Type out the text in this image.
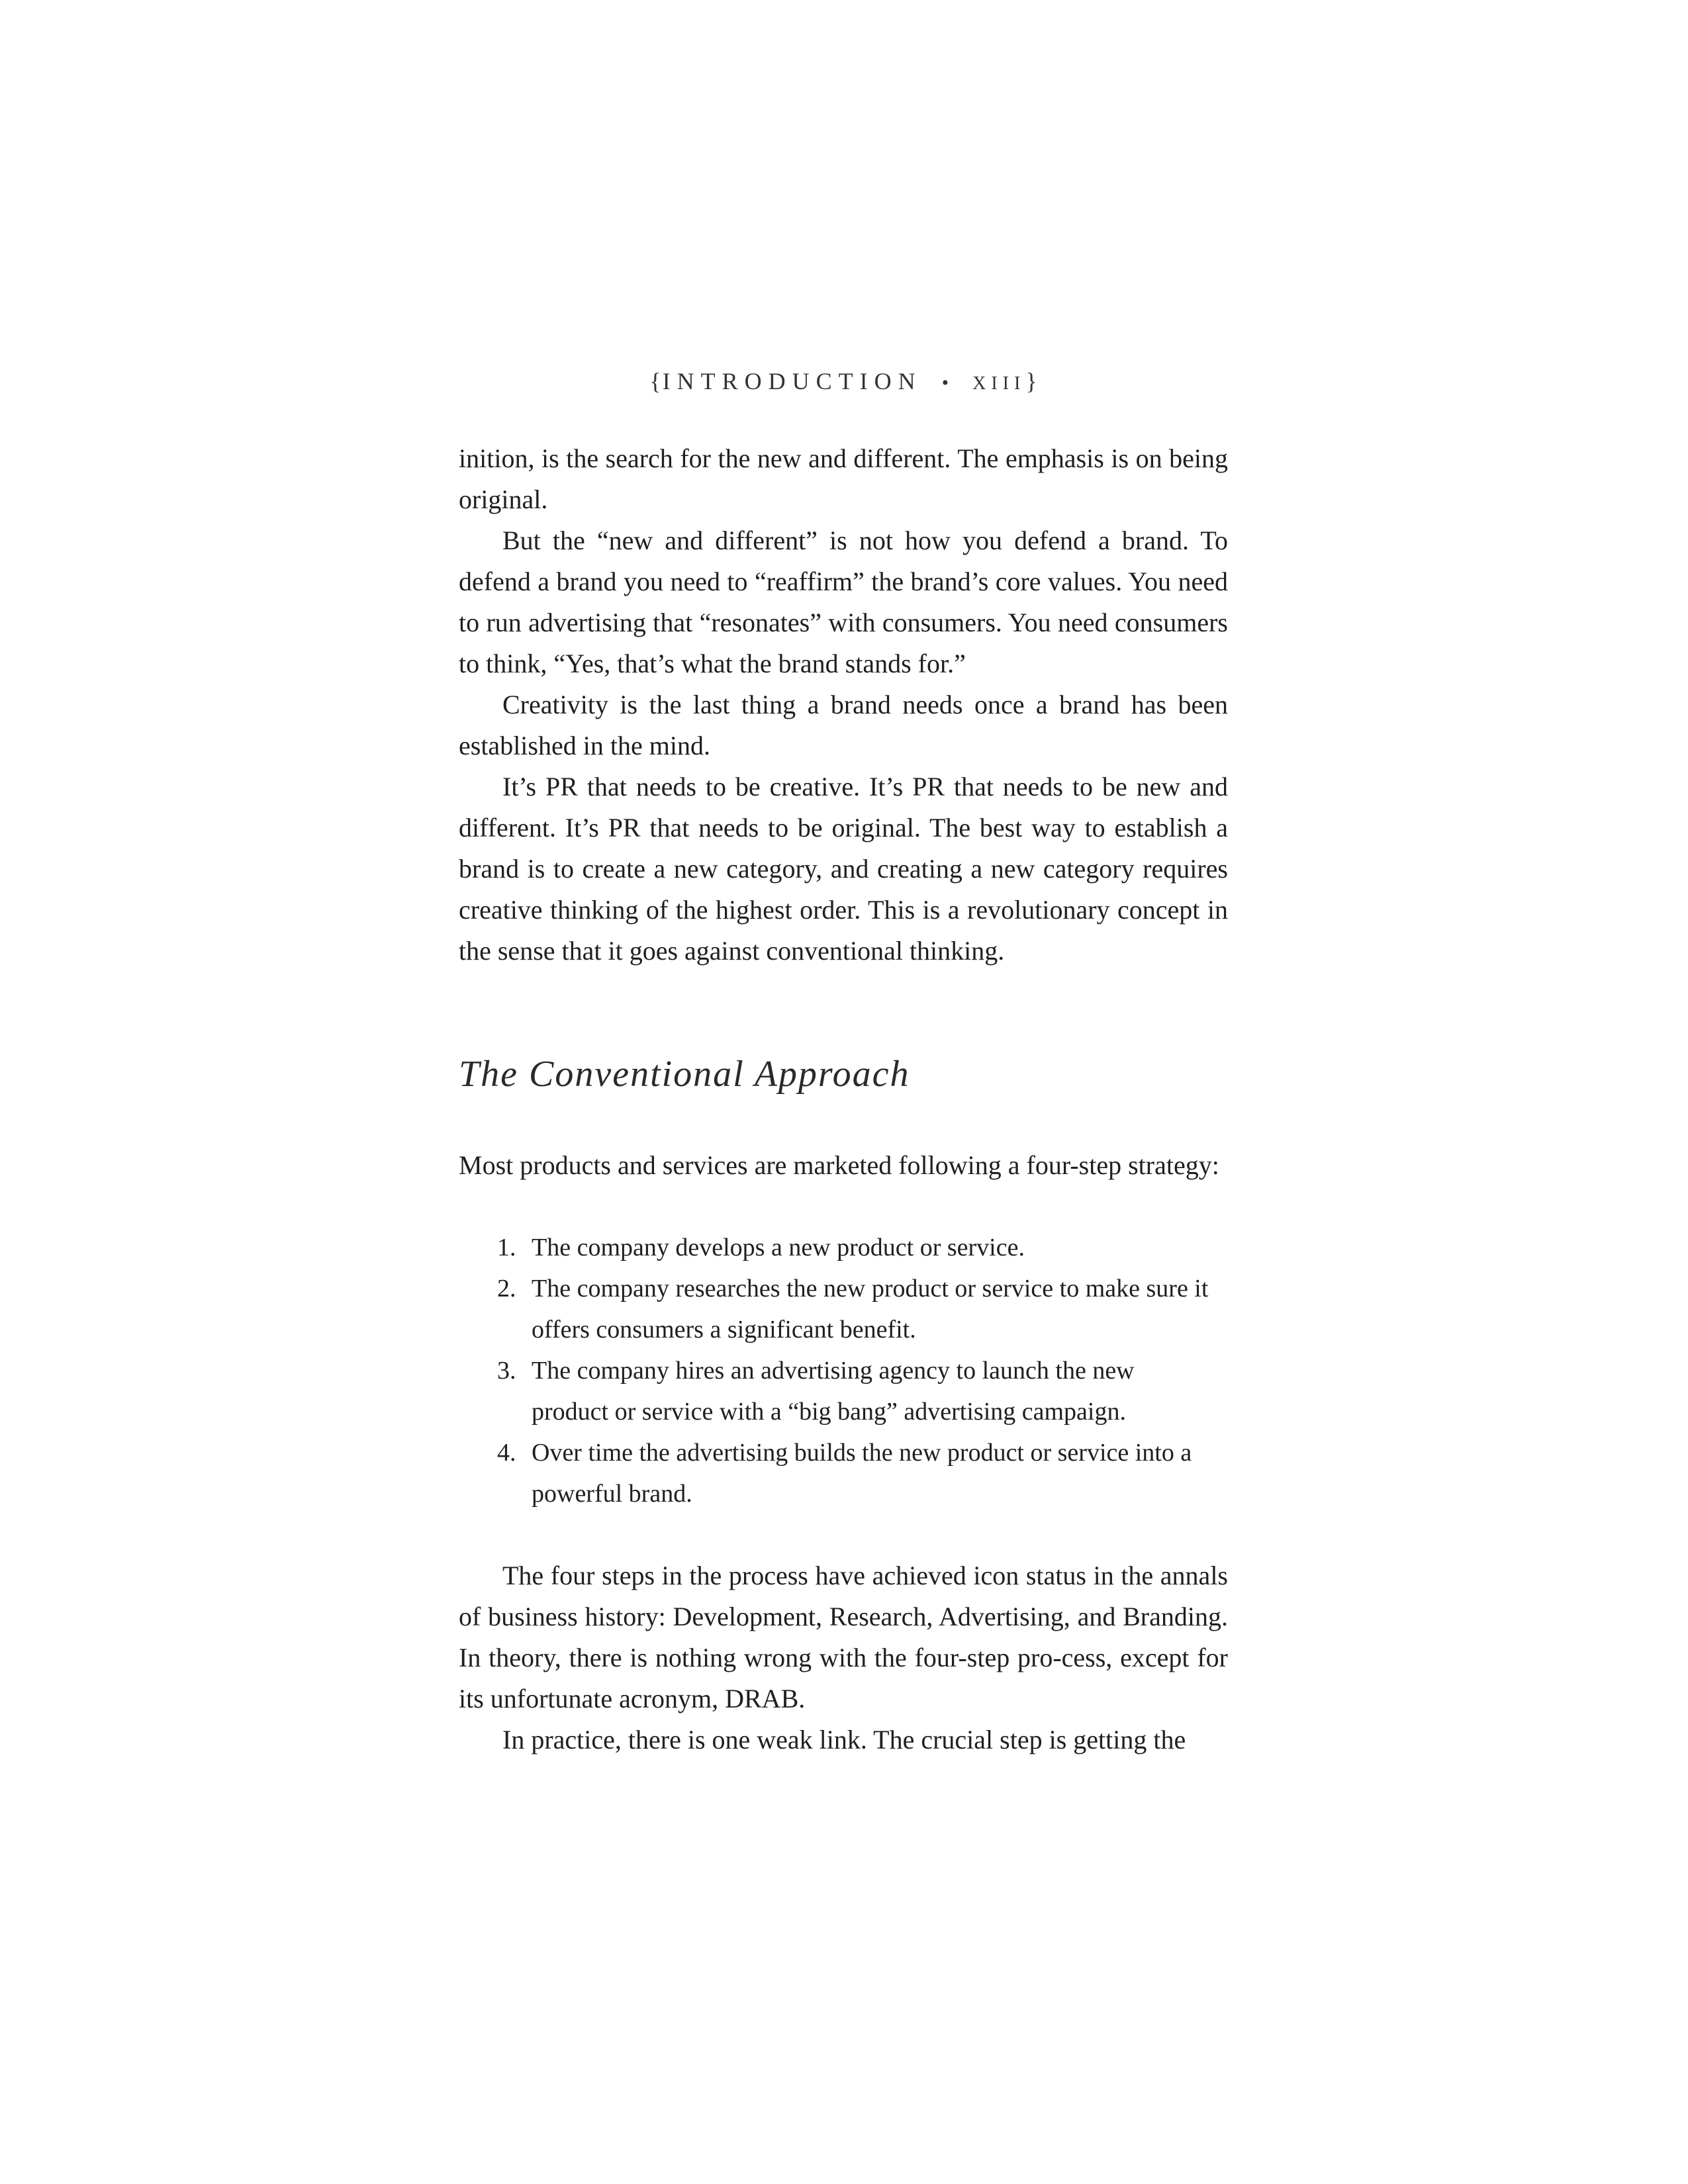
{INTRODUCTION • XIII}

inition, is the search for the new and different. The emphasis is on being original.

But the “new and different” is not how you defend a brand. To defend a brand you need to “reaffirm” the brand’s core values. You need to run advertising that “resonates” with consumers. You need consumers to think, “Yes, that’s what the brand stands for.”

Creativity is the last thing a brand needs once a brand has been established in the mind.

It’s PR that needs to be creative. It’s PR that needs to be new and different. It’s PR that needs to be original. The best way to establish a brand is to create a new category, and creating a new category requires creative thinking of the highest order. This is a revolutionary concept in the sense that it goes against conventional thinking.

The Conventional Approach

Most products and services are marketed following a four-step strategy:

1. The company develops a new product or service.
2. The company researches the new product or service to make sure it offers consumers a significant benefit.
3. The company hires an advertising agency to launch the new product or service with a “big bang” advertising campaign.
4. Over time the advertising builds the new product or service into a powerful brand.

The four steps in the process have achieved icon status in the annals of business history: Development, Research, Advertising, and Branding. In theory, there is nothing wrong with the four-step pro-cess, except for its unfortunate acronym, DRAB.

In practice, there is one weak link. The crucial step is getting the
